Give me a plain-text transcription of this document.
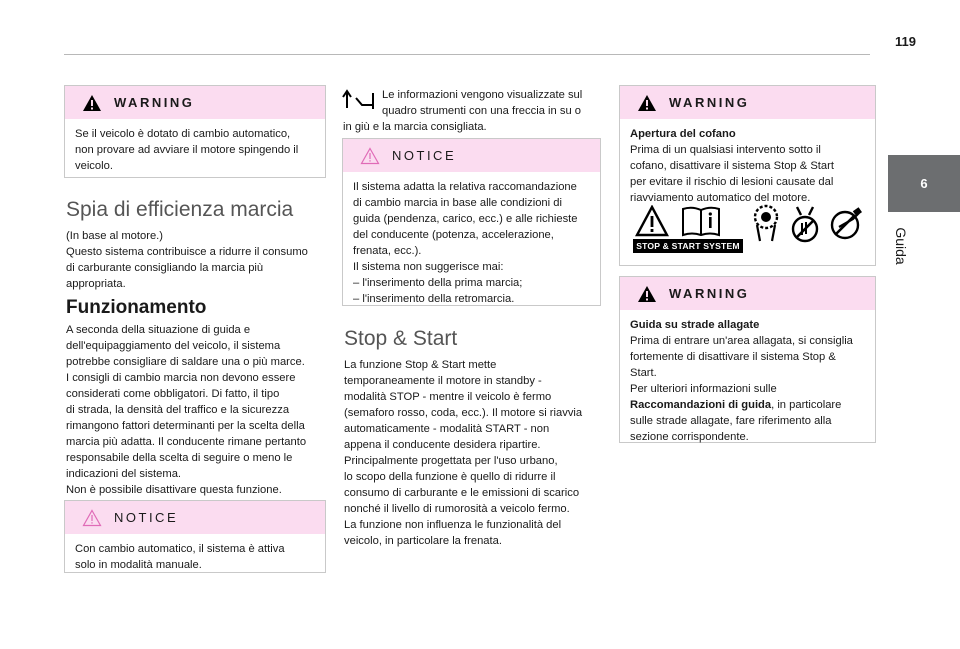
119
6
Guida
WARNING

Se il veicolo è dotato di cambio automatico,

non provare ad avviare il motore spingendo il

veicolo.

Spia di efficienza marcia

(In base al motore.)

Questo sistema contribuisce a ridurre il consumo

di carburante consigliando la marcia più

appropriata.

Funzionamento

A seconda della situazione di guida e

dell'equipaggiamento del veicolo, il sistema

potrebbe consigliare di saldare una o più marce.

I consigli di cambio marcia non devono essere

considerati come obbligatori. Di fatto, il tipo

di strada, la densità del traffico e la sicurezza

rimangono fattori determinanti per la scelta della

marcia più adatta. Il conducente rimane pertanto

responsabile della scelta di seguire o meno le

indicazioni del sistema.

Non è possibile disattivare questa funzione.

NOTICE

Con cambio automatico, il sistema è attiva

solo in modalità manuale.

Le informazioni vengono visualizzate sul

quadro strumenti con una freccia in su o

in giù e la marcia consigliata.

NOTICE

Il sistema adatta la relativa raccomandazione

di cambio marcia in base alle condizioni di

guida (pendenza, carico, ecc.) e alle richieste

del conducente (potenza, accelerazione,

frenata, ecc.).

Il sistema non suggerisce mai:

– l'inserimento della prima marcia;

– l'inserimento della retromarcia.

Stop & Start

La funzione Stop & Start mette

temporaneamente il motore in standby -

modalità STOP - mentre il veicolo è fermo

(semaforo rosso, coda, ecc.). Il motore si riavvia

automaticamente - modalità START - non

appena il conducente desidera ripartire.

Principalmente progettata per l'uso urbano,

lo scopo della funzione è quello di ridurre il

consumo di carburante e le emissioni di scarico

nonché il livello di rumorosità a veicolo fermo.

La funzione non influenza le funzionalità del

veicolo, in particolare la frenata.

WARNING

Apertura del cofano

Prima di un qualsiasi intervento sotto il

cofano, disattivare il sistema Stop & Start

per evitare il rischio di lesioni causate dal

riavviamento automatico del motore.

STOP & START SYSTEM
WARNING

Guida su strade allagate

Prima di entrare un'area allagata, si consiglia

fortemente di disattivare il sistema Stop &

Start.

Per ulteriori informazioni sulle

Raccomandazioni di guida, in particolare

sulle strade allagate, fare riferimento alla

sezione corrispondente.
